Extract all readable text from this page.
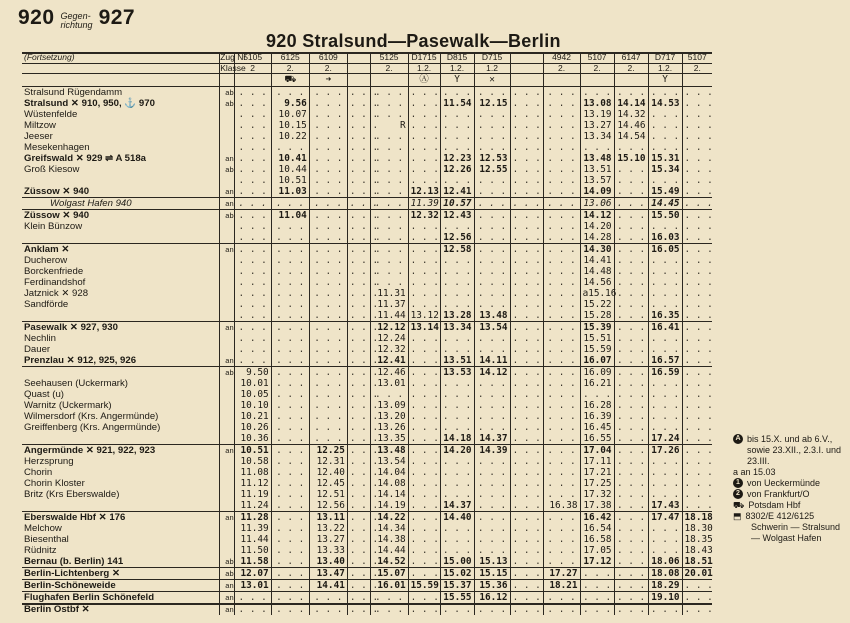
920 Gegen-
richtung 927
920 Stralsund—Pasewalk—Berlin
(Fortsetzung)	Zug Nr	5105	6125	6109		5125	D1715	D815	D715		4942	5107	6147	D717	5107
	Klasse	2	2.	2.		2.	1.2.	1.2.	1.2		2.	2.	2.	1.2.	2.
			⛟	➜			Ⓐ	Y	✕					Y	
Stralsund Rügendamm	ab	. . .	. . .	. . .	. . .	. . .	. . .	. . .	. . .	. . .	. . .	. . .	. . .	. . .	. . .
Stralsund ✕ 910, 950, ⚓ 970	ab	. . .	9.56	. . .	. . .	. . .	. . .	11.54	12.15	. . .	. . .	13.08	14.14	14.53	. . .
Wüstenfelde		. . .	10.07	. . .	. . .	. . .	. . .	. . .	. . .	. . .	. . .	13.19	14.32	. . .	. . .
Miltzow		. . .	10.15	. . .	. . .	R	. . .	. . .	. . .	. . .	. . .	13.27	14.46	. . .	. . .
Jeeser		. . .	10.22	. . .	. . .	. . .	. . .	. . .	. . .	. . .	. . .	13.34	14.54	. . .	. . .
Mesekenhagen		. . .	. . .	. . .	. . .	. . .	. . .	. . .	. . .	. . .	. . .	. . .	. . .	. . .	. . .
Greifswald ✕ 929 ⇌ A 518a	an	. . .	10.41	. . .	. . .	. . .	. . .	12.23	12.53	. . .	. . .	13.48	15.10	15.31	. . .
Groß Kiesow	ab	. . .	10.44	. . .	. . .	. . .	. . .	12.26	12.55	. . .	. . .	13.51	. . .	15.34	. . .
		. . .	10.51	. . .	. . .	. . .	. . .	. . .	. . .	. . .	. . .	13.57	. . .	. . .	. . .
Züssow ✕ 940	an	. . .	11.03	. . .	. . .	. . .	12.13	12.41	. . .	. . .	. . .	14.09	. . .	15.49	. . .
Wolgast Hafen 940	an	. . .	. . .	. . .	. . .	. . .	11.39	10.57	. . .	. . .	. . .	13.06	. . .	14.45	. . .
Züssow ✕ 940	ab	. . .	11.04	. . .	. . .	. . .	12.32	12.43	. . .	. . .	. . .	14.12	. . .	15.50	. . .
Klein Bünzow		. . .	. . .	. . .	. . .	. . .	. . .	. . .	. . .	. . .	. . .	14.20	. . .	. . .	. . .
		. . .	. . .	. . .	. . .	. . .	. . .	12.56	. . .	. . .	. . .	14.28	. . .	16.03	. . .
Anklam ✕	an	. . .	. . .	. . .	. . .	. . .	. . .	12.58	. . .	. . .	. . .	14.30	. . .	16.05	. . .
Ducherow		. . .	. . .	. . .	. . .	. . .	. . .	. . .	. . .	. . .	. . .	14.41	. . .	. . .	. . .
Borckenfriede		. . .	. . .	. . .	. . .	. . .	. . .	. . .	. . .	. . .	. . .	14.48	. . .	. . .	. . .
Ferdinandshof		. . .	. . .	. . .	. . .	. . .	. . .	. . .	. . .	. . .	. . .	14.56	. . .	. . .	. . .
Jatznick ✕ 928		. . .	. . .	. . .	. . .	11.31	. . .	. . .	. . .	. . .	. . .	a15.16	. . .	. . .	. . .
Sandförde		. . .	. . .	. . .	. . .	11.37	. . .	. . .	. . .	. . .	. . .	15.22	. . .	. . .	. . .
		. . .	. . .	. . .	. . .	11.44	13.12	13.28	13.48	. . .	. . .	15.28	. . .	16.35	. . .
Pasewalk ✕ 927, 930	an	. . .	. . .	. . .	. . .	12.12	13.14	13.34	13.54	. . .	. . .	15.39	. . .	16.41	. . .
Nechlin		. . .	. . .	. . .	. . .	12.24	. . .	. . .	. . .	. . .	. . .	15.51	. . .	. . .	. . .
Dauer		. . .	. . .	. . .	. . .	12.32	. . .	. . .	. . .	. . .	. . .	15.59	. . .	. . .	. . .
Prenzlau ✕ 912, 925, 926	an	. . .	. . .	. . .	. . .	12.41	. . .	13.51	14.11	. . .	. . .	16.07	. . .	16.57	. . .
	ab	9.50	. . .	. . .	. . .	12.46	. . .	13.53	14.12	. . .	. . .	16.09	. . .	16.59	. . .
Seehausen (Uckermark)		10.01	. . .	. . .	. . .	13.01	. . .	. . .	. . .	. . .	. . .	16.21	. . .	. . .	. . .
Quast (u)		10.05	. . .	. . .	. . .	. . .	. . .	. . .	. . .	. . .	. . .	. . .	. . .	. . .	. . .
Warnitz (Uckermark)		10.10	. . .	. . .	. . .	13.09	. . .	. . .	. . .	. . .	. . .	16.28	. . .	. . .	. . .
Wilmersdorf (Krs. Angermünde)		10.21	. . .	. . .	. . .	13.20	. . .	. . .	. . .	. . .	. . .	16.39	. . .	. . .	. . .
Greiffenberg (Krs. Angermünde)		10.26	. . .	. . .	. . .	13.26	. . .	. . .	. . .	. . .	. . .	16.45	. . .	. . .	. . .
		10.36	. . .	. . .	. . .	13.35	. . .	14.18	14.37	. . .	. . .	16.55	. . .	17.24	. . .
Angermünde ✕ 921, 922, 923	an	10.51	. . .	12.25	. . .	13.48	. . .	14.20	14.39	. . .	. . .	17.04	. . .	17.26	. . .
Herzsprung		10.58	. . .	12.31	. . .	13.54	. . .	. . .	. . .	. . .	. . .	17.11	. . .	. . .	. . .
Chorin		11.08	. . .	12.40	. . .	14.04	. . .	. . .	. . .	. . .	. . .	17.21	. . .	. . .	. . .
Chorin Kloster		11.12	. . .	12.45	. . .	14.08	. . .	. . .	. . .	. . .	. . .	17.25	. . .	. . .	. . .
Britz (Krs Eberswalde)		11.19	. . .	12.51	. . .	14.14	. . .	. . .	. . .	. . .	. . .	17.32	. . .	. . .	. . .
		11.24	. . .	12.56	. . .	14.19	. . .	14.37	. . .	. . .	16.38	17.38	. . .	17.43	. . .
Eberswalde Hbf ✕ 176	an	11.28	. . .	13.11	. . .	14.22	. . .	14.40	. . .	. . .	. . .	16.42	. . .	17.47	18.18
Melchow		11.39	. . .	13.22	. . .	14.34	. . .	. . .	. . .	. . .	. . .	16.54	. . .	. . .	18.30
Biesenthal		11.44	. . .	13.27	. . .	14.38	. . .	. . .	. . .	. . .	. . .	16.58	. . .	. . .	18.35
Rüdnitz		11.50	. . .	13.33	. . .	14.44	. . .	. . .	. . .	. . .	. . .	17.05	. . .	. . .	18.43
Bernau (b. Berlin) 141	ab	11.58	. . .	13.40	. . .	14.52	. . .	15.00	15.13	. . .	. . .	17.12	. . .	18.06	18.51
Berlin-Lichtenberg ✕	ab	12.07	. . .	13.47	. . .	15.07	. . .	15.02	15.15	. . .	17.27	. . .	. . .	18.08	20.01
Berlin-Schöneweide	an	13.01	. . .	14.41	. . .	16.01	15.59	15.37	15.36	. . .	18.21	. . .	. . .	18.29	. . .
Flughafen Berlin Schönefeld	an	. . .	. . .	. . .	. . .	. . .	. . .	15.55	16.12	. . .	. . .	. . .	. . .	19.10	. . .
Berlin Ostbf ✕	an	. . .	. . .	. . .	. . .	. . .	. . .	. . .	. . .	. . .	. . .	. . .	. . .	. . .	. . .
A bis 15.X. und ab 6.V., sowie 23.XII., 2.3.I. und 23.III.
a an 15.03
1 von Ueckermünde
2 von Frankfurt/O
⛟ Potsdam Hbf
⬒ 8302/E 412/6125
Schwerin — Stralsund — Wolgast Hafen
